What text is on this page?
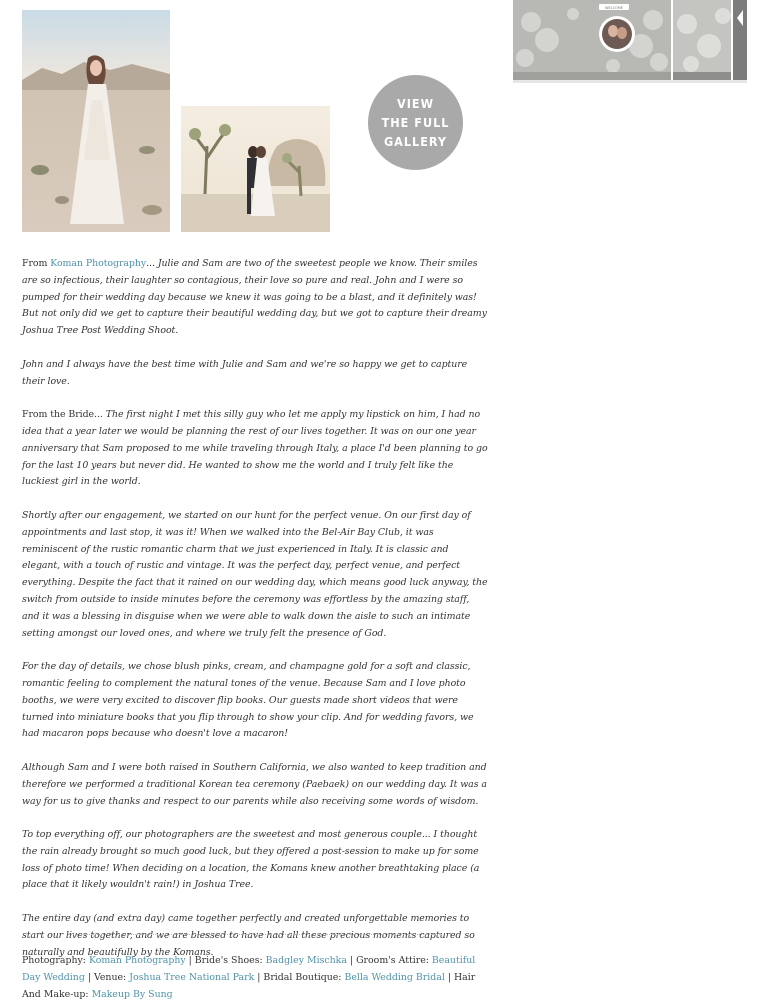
VIEW
THE FULL
GALLERY
WELCOME

From Koman Photography... Julie and Sam are two of the sweetest people we know. Their smiles are so infectious, their laughter so contagious, their love so pure and real. John and I were so pumped for their wedding day because we knew it was going to be a blast, and it definitely was! But not only did we get to capture their beautiful wedding day, but we got to capture their dreamy Joshua Tree Post Wedding Shoot.

John and I always have the best time with Julie and Sam and we're so happy we get to capture their love.

From the Bride... The first night I met this silly guy who let me apply my lipstick on him, I had no idea that a year later we would be planning the rest of our lives together. It was on our one year anniversary that Sam proposed to me while traveling through Italy, a place I'd been planning to go for the last 10 years but never did. He wanted to show me the world and I truly felt like the luckiest girl in the world.

Shortly after our engagement, we started on our hunt for the perfect venue. On our first day of appointments and last stop, it was it! When we walked into the Bel-Air Bay Club, it was reminiscent of the rustic romantic charm that we just experienced in Italy. It is classic and elegant, with a touch of rustic and vintage. It was the perfect day, perfect venue, and perfect everything. Despite the fact that it rained on our wedding day, which means good luck anyway, the switch from outside to inside minutes before the ceremony was effortless by the amazing staff, and it was a blessing in disguise when we were able to walk down the aisle to such an intimate setting amongst our loved ones, and where we truly felt the presence of God.

For the day of details, we chose blush pinks, cream, and champagne gold for a soft and classic, romantic feeling to complement the natural tones of the venue. Because Sam and I love photo booths, we were very excited to discover flip books. Our guests made short videos that were turned into miniature books that you flip through to show your clip. And for wedding favors, we had macaron pops because who doesn't love a macaron!

Although Sam and I were both raised in Southern California, we also wanted to keep tradition and therefore we performed a traditional Korean tea ceremony (Paebaek) on our wedding day. It was a way for us to give thanks and respect to our parents while also receiving some words of wisdom.

To top everything off, our photographers are the sweetest and most generous couple... I thought the rain already brought so much good luck, but they offered a post-session to make up for some loss of photo time! When deciding on a location, the Komans knew another breathtaking place (a place that it likely wouldn't rain!) in Joshua Tree.

The entire day (and extra day) came together perfectly and created unforgettable memories to start our lives together, and we are blessed to have had all these precious moments captured so naturally and beautifully by the Komans.

Photography: Koman Photography | Bride's Shoes: Badgley Mischka | Groom's Attire: Beautiful Day Wedding | Venue: Joshua Tree National Park | Bridal Boutique: Bella Wedding Bridal | Hair And Make-up: Makeup By Sung
